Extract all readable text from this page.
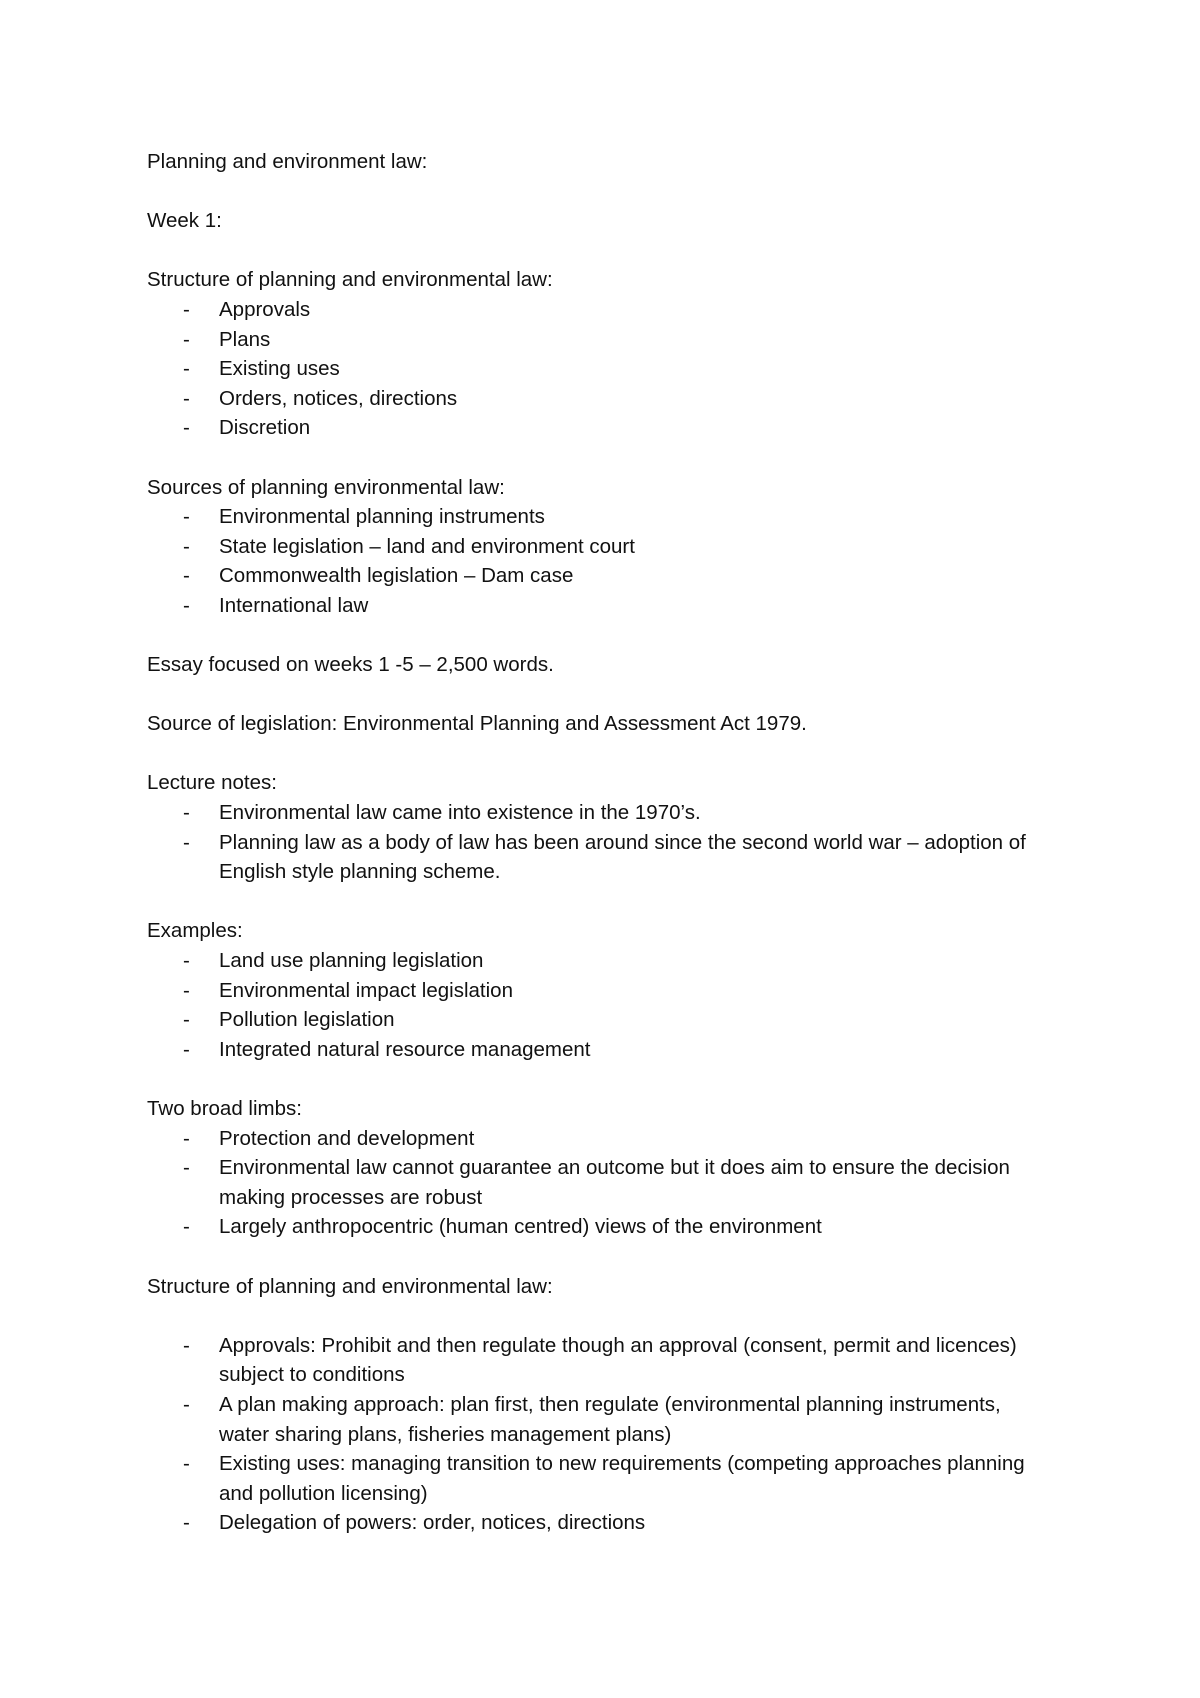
Planning and environment law:

Week 1:

Structure of planning and environmental law:

- Approvals
- Plans
- Existing uses
- Orders, notices, directions
- Discretion

Sources of planning environmental law:

- Environmental planning instruments
- State legislation – land and environment court
- Commonwealth legislation – Dam case
- International law

Essay focused on weeks 1 -5 – 2,500 words.

Source of legislation: Environmental Planning and Assessment Act 1979.

Lecture notes:

- Environmental law came into existence in the 1970’s.
- Planning law as a body of law has been around since the second world war – adoption of English style planning scheme.

Examples:

- Land use planning legislation
- Environmental impact legislation
- Pollution legislation
- Integrated natural resource management

Two broad limbs:

- Protection and development
- Environmental law cannot guarantee an outcome but it does aim to ensure the decision making processes are robust
- Largely anthropocentric (human centred) views of the environment

Structure of planning and environmental law:

- Approvals: Prohibit and then regulate though an approval (consent, permit and licences) subject to conditions
- A plan making approach: plan first, then regulate (environmental planning instruments, water sharing plans, fisheries management plans)
- Existing uses: managing transition to new requirements (competing approaches planning and pollution licensing)
- Delegation of powers: order, notices, directions
